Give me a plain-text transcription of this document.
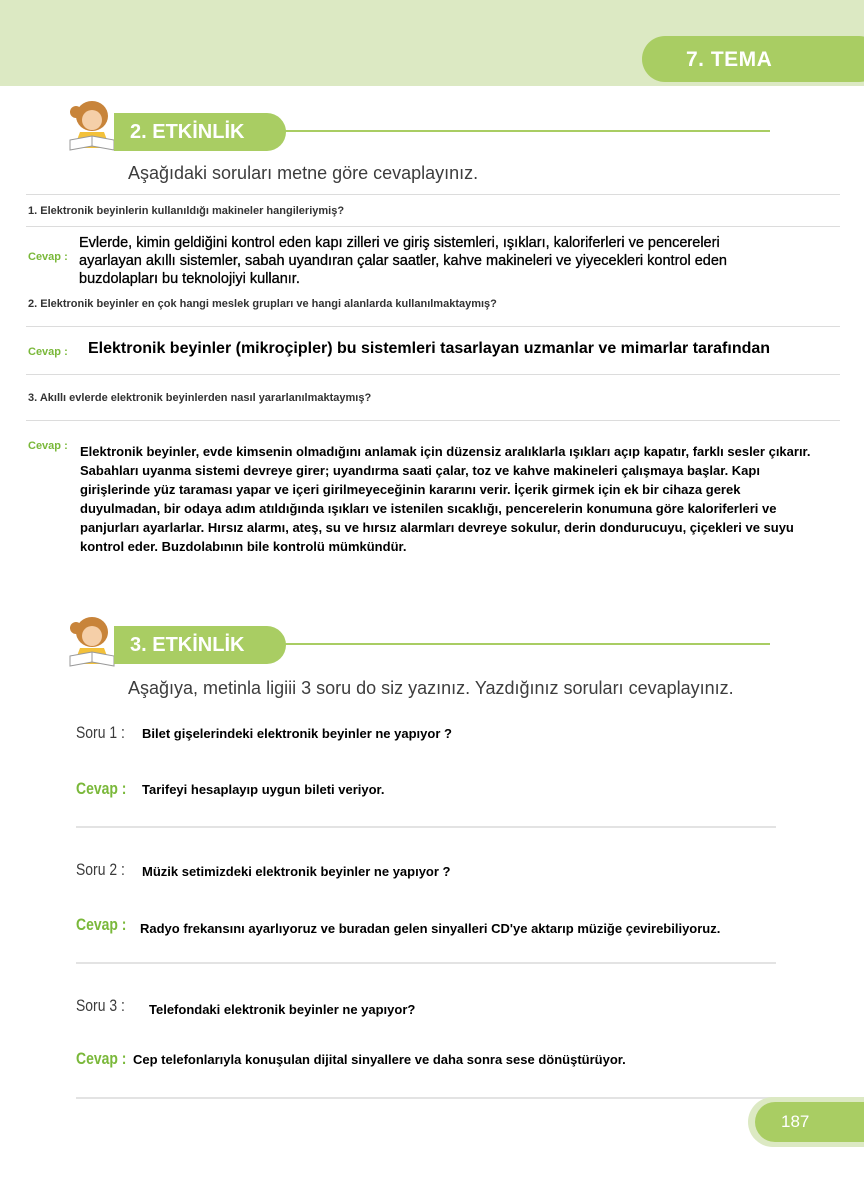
7. TEMA
2. ETKİNLİK
Aşağıdaki soruları metne göre cevaplayınız.
1. Elektronik beyinlerin kullanıldığı makineler hangileriymiş?
Cevap :
Evlerde, kimin geldiğini kontrol eden kapı zilleri ve giriş sistemleri, ışıkları, kaloriferleri ve pencereleri ayarlayan akıllı sistemler, sabah uyandıran çalar saatler, kahve makineleri ve yiyecekleri kontrol eden buzdolapları bu teknolojiyi kullanır.
2. Elektronik beyinler en çok hangi meslek grupları ve hangi alanlarda kullanılmaktaymış?
Cevap : Elektronik beyinler (mikroçipler) bu sistemleri tasarlayan uzmanlar ve mimarlar tarafından
3. Akıllı evlerde elektronik beyinlerden nasıl yararlanılmaktaymış?
Cevap : Elektronik beyinler, evde kimsenin olmadığını anlamak için düzensiz aralıklarla ışıkları açıp kapatır, farklı sesler çıkarır. Sabahları uyanma sistemi devreye girer; uyandırma saati çalar, toz ve kahve makineleri çalışmaya başlar. Kapı girişlerinde yüz taraması yapar ve içeri girilmeyeceğinin kararını verir. İçerik girmek için ek bir cihaza gerek duyulmadan, bir odaya adım atıldığında ışıkları ve istenilen sıcaklığı, pencerelerin konumuna göre kaloriferleri ve panjurları ayarlarlar. Hırsız alarmı, ateş, su ve hırsız alarmları devreye sokulur, derin dondurucuyu, çiçekleri ve suyu kontrol eder. Buzdolabının bile kontrolü mümkündür.
3. ETKİNLİK
Aşağıya, metinla ligiii 3 soru do siz yazınız. Yazdığınız soruları cevaplayınız.
Soru 1 : Bilet gişelerindeki elektronik beyinler ne yapıyor ?
Cevap : Tarifeyi hesaplayıp uygun bileti veriyor.
Soru 2 : Müzik setimizdeki elektronik beyinler ne yapıyor ?
Cevap : Radyo frekansını ayarlıyoruz ve buradan gelen sinyalleri CD'ye aktarıp müziğe çevirebiliyoruz.
Soru 3 : Telefondaki elektronik beyinler ne yapıyor?
Cevap : Cep telefonlarıyla konuşulan dijital sinyallere ve daha sonra sese dönüştürüyor.
187
